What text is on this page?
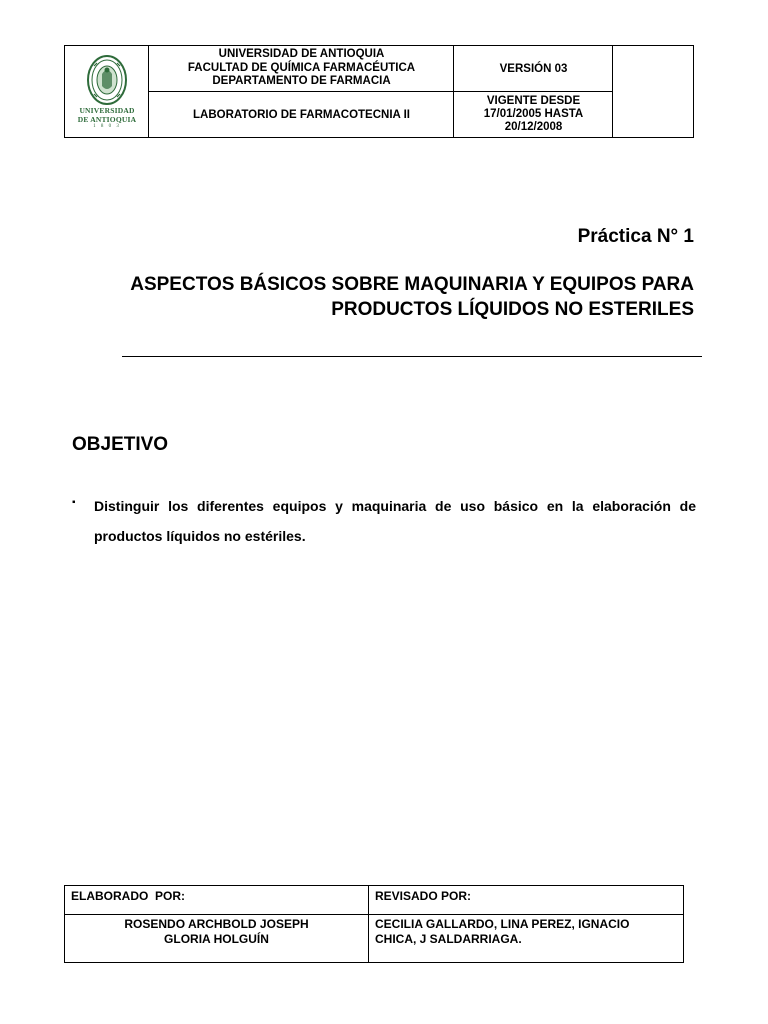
UNIVERSIDAD
DE ANTIOQUIA
1 8 0 3
UNIVERSIDAD DE ANTIOQUIA
FACULTAD DE QUÍMICA FARMACÉUTICA
DEPARTAMENTO DE FARMACIA
LABORATORIO DE FARMACOTECNIA II
VERSIÓN 03
VIGENTE DESDE
17/01/2005 HASTA
20/12/2008
Práctica N° 1
ASPECTOS BÁSICOS SOBRE MAQUINARIA Y EQUIPOS PARA
PRODUCTOS LÍQUIDOS NO ESTERILES
OBJETIVO
▪	Distinguir los diferentes equipos y maquinaria de uso básico en la elaboración de productos líquidos no estériles.
ELABORADO  POR:	REVISADO POR:
ROSENDO ARCHBOLD JOSEPH
GLORIA HOLGUÍN
CECILIA GALLARDO, LINA PEREZ, IGNACIO
CHICA, J SALDARRIAGA.
